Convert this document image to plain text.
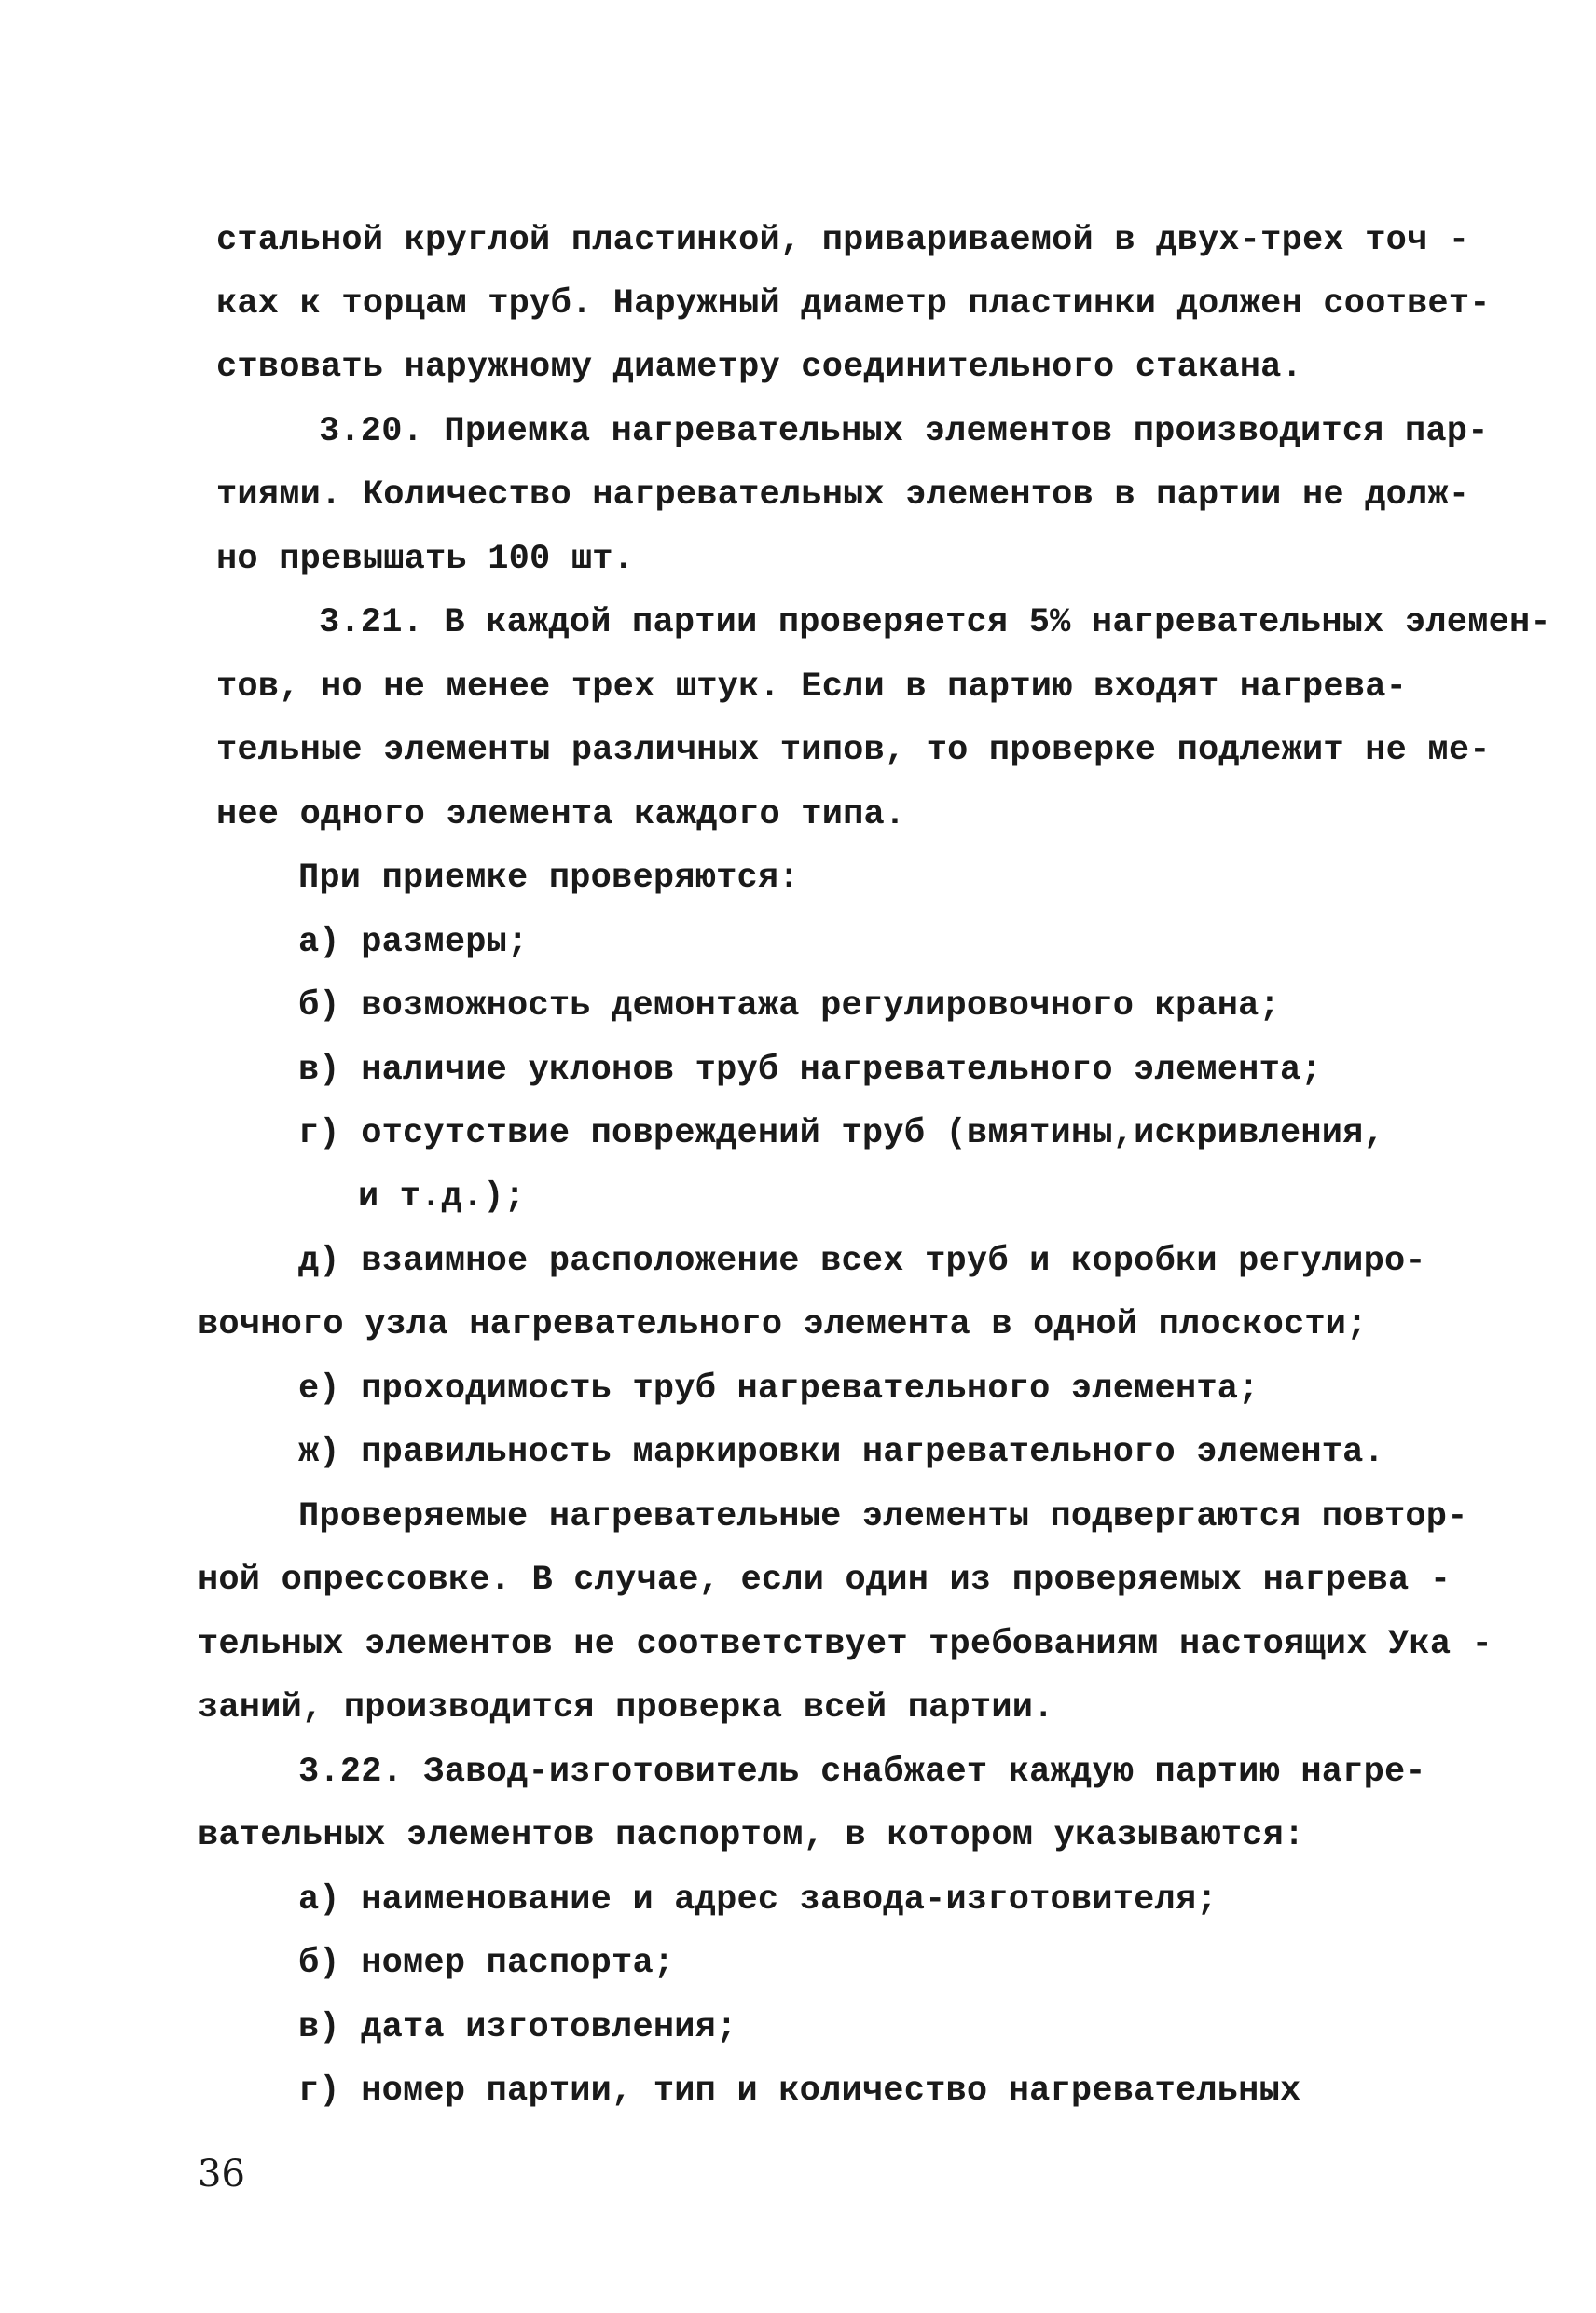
стальной круглой пластинкой, привариваемой в двух-трех точ -
ках к торцам труб. Наружный диаметр пластинки должен соответ-
ствовать наружному диаметру соединительного стакана.
3.20. Приемка нагревательных элементов производится пар-
тиями. Количество нагревательных элементов в партии не долж-
но превышать 100 шт.
3.21. В каждой партии проверяется 5% нагревательных элемен-
тов, но не менее трех штук. Если в партию входят нагрева-
тельные элементы различных типов, то проверке подлежит не ме-
нее одного элемента каждого типа.
При приемке проверяются:
а) размеры;
б) возможность демонтажа регулировочного крана;
в) наличие уклонов труб нагревательного элемента;
г) отсутствие повреждений труб (вмятины,искривления,
и т.д.);
д) взаимное расположение всех труб и коробки регулиро-
вочного узла нагревательного элемента в одной плоскости;
е) проходимость труб нагревательного элемента;
ж) правильность маркировки нагревательного элемента.
Проверяемые нагревательные элементы подвергаются повтор-
ной опрессовке. В случае, если один из проверяемых нагрева -
тельных элементов не соответствует требованиям настоящих Ука -
заний, производится проверка всей партии.
3.22. Завод-изготовитель снабжает каждую партию нагре-
вательных элементов паспортом, в котором указываются:
а) наименование и адрес завода-изготовителя;
б) номер паспорта;
в) дата изготовления;
г) номер партии, тип и количество нагревательных
36
